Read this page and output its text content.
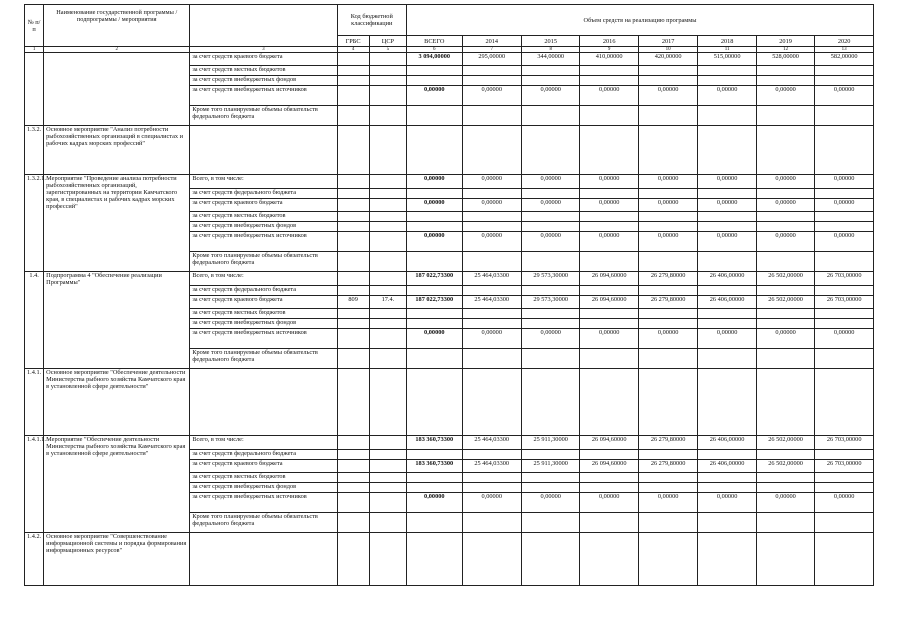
№ п/п	Наименование государственной программы / подпрограммы / мероприятия		Код бюджетной классификации		Объем средств на реализацию программы							
			ГРБС	ЦСР	ВСЕГО	2014	2015	2016	2017	2018	2019	2020
1	2	3	4	5	6	7	8	9	10	11	12	13
		за счет средств краевого бюджета			3 094,00000	295,00000	344,00000	410,00000	420,00000	515,00000	528,00000	582,00000
		за счет средств местных бюджетов										
		за счет средств внебюджетных фондов										
		за счет средств внебюджетных источников			0,00000	0,00000	0,00000	0,00000	0,00000	0,00000	0,00000	0,00000
		Кроме того планируемые объемы обязательств федерального бюджета										
1.3.2.	Основное мероприятие "Анализ потребности рыбохозяйственных организаций в специалистах и рабочих кадрах морских профессий"											
1.3.2.1.	Мероприятие "Проведение анализа потребности рыбохозяйственных организаций, зарегистрированных на территории Камчатского края, в специалистах и рабочих кадрах морских профессий"	Всего, в том числе:			0,00000	0,00000	0,00000	0,00000	0,00000	0,00000	0,00000	0,00000
		за счет средств федерального бюджета										
		за счет средств краевого бюджета			0,00000	0,00000	0,00000	0,00000	0,00000	0,00000	0,00000	0,00000
		за счет средств местных бюджетов										
		за счет средств внебюджетных фондов										
		за счет средств внебюджетных источников			0,00000	0,00000	0,00000	0,00000	0,00000	0,00000	0,00000	0,00000
		Кроме того планируемые объемы обязательств федерального бюджета										
1.4.	Подпрограмма 4 "Обеспечение реализации Программы"	Всего, в том числе:			187 022,73300	25 464,03300	29 573,30000	26 094,60000	26 279,80000	26 406,00000	26 502,00000	26 703,00000
		за счет средств федерального бюджета										
		за счет средств краевого бюджета	809	17.4.	187 022,73300	25 464,03300	29 573,30000	26 094,60000	26 279,80000	26 406,00000	26 502,00000	26 703,00000
		за счет средств местных бюджетов										
		за счет средств внебюджетных фондов										
		за счет средств внебюджетных источников			0,00000	0,00000	0,00000	0,00000	0,00000	0,00000	0,00000	0,00000
		Кроме того планируемые объемы обязательств федерального бюджета										
1.4.1.	Основное мероприятие "Обеспечение деятельности Министерства рыбного хозяйства Камчатского края в установленной сфере деятельности"											
1.4.1.1.	Мероприятие "Обеспечение деятельности Министерства рыбного хозяйства Камчатского края в установленной сфере деятельности"	Всего, в том числе:			183 360,73300	25 464,03300	25 911,30000	26 094,60000	26 279,80000	26 406,00000	26 502,00000	26 703,00000
		за счет средств федерального бюджета										
		за счет средств краевого бюджета			183 360,73300	25 464,03300	25 911,30000	26 094,60000	26 279,80000	26 406,00000	26 502,00000	26 703,00000
		за счет средств местных бюджетов										
		за счет средств внебюджетных фондов										
		за счет средств внебюджетных источников			0,00000	0,00000	0,00000	0,00000	0,00000	0,00000	0,00000	0,00000
		Кроме того планируемые объемы обязательств федерального бюджета										
1.4.2.	Основное мероприятие "Совершенствование информационной системы и порядка формирования информационных ресурсов"											
